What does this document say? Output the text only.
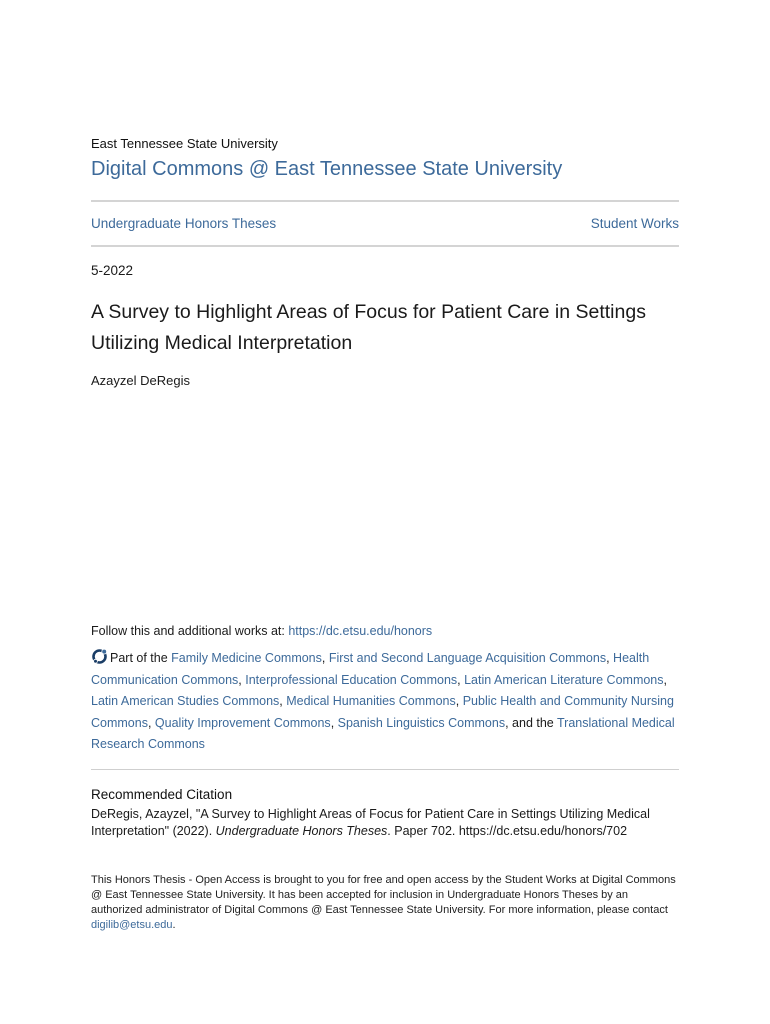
East Tennessee State University
Digital Commons @ East Tennessee State University
Undergraduate Honors Theses	Student Works
5-2022
A Survey to Highlight Areas of Focus for Patient Care in Settings Utilizing Medical Interpretation
Azayzel DeRegis
Follow this and additional works at: https://dc.etsu.edu/honors
Part of the Family Medicine Commons, First and Second Language Acquisition Commons, Health Communication Commons, Interprofessional Education Commons, Latin American Literature Commons, Latin American Studies Commons, Medical Humanities Commons, Public Health and Community Nursing Commons, Quality Improvement Commons, Spanish Linguistics Commons, and the Translational Medical Research Commons
Recommended Citation
DeRegis, Azayzel, "A Survey to Highlight Areas of Focus for Patient Care in Settings Utilizing Medical Interpretation" (2022). Undergraduate Honors Theses. Paper 702. https://dc.etsu.edu/honors/702
This Honors Thesis - Open Access is brought to you for free and open access by the Student Works at Digital Commons @ East Tennessee State University. It has been accepted for inclusion in Undergraduate Honors Theses by an authorized administrator of Digital Commons @ East Tennessee State University. For more information, please contact digilib@etsu.edu.
